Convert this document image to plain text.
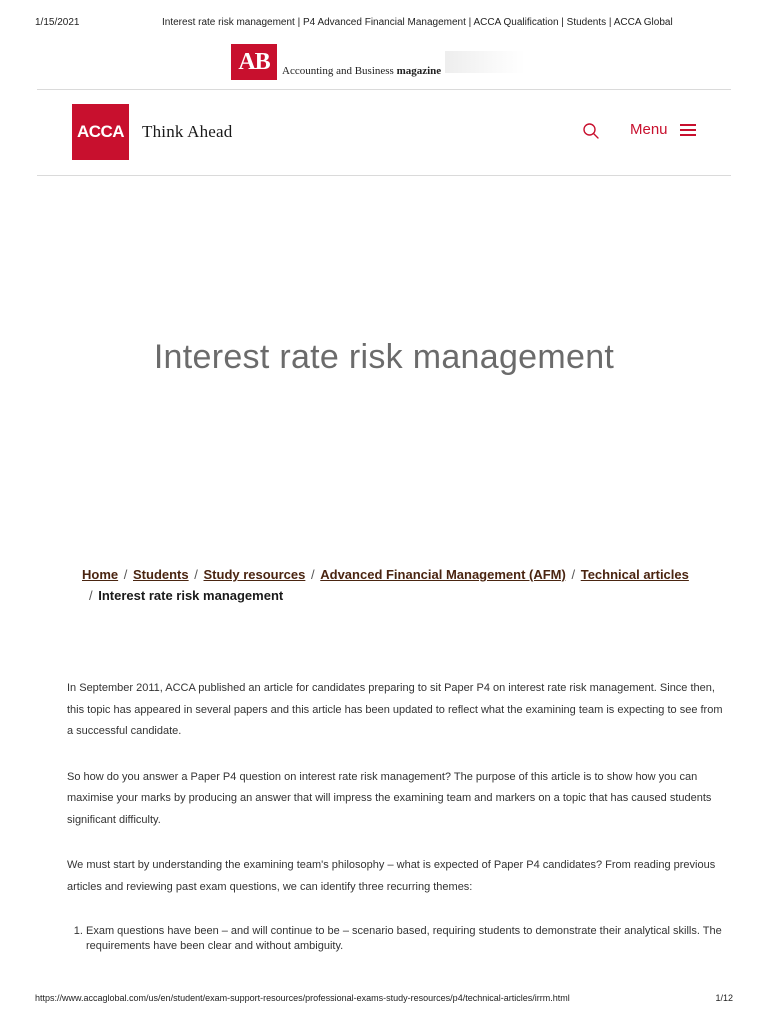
1/15/2021	Interest rate risk management | P4 Advanced Financial Management | ACCA Qualification | Students | ACCA Global
AB	Accounting and Business magazine
ACCA Think Ahead	Menu
Interest rate risk management
Home / Students / Study resources / Advanced Financial Management (AFM) / Technical articles
/ Interest rate risk management

In September 2011, ACCA published an article for candidates preparing to sit Paper P4 on interest rate risk management. Since then, this topic has appeared in several papers and this article has been updated to reflect what the examining team is expecting to see from a successful candidate.

So how do you answer a Paper P4 question on interest rate risk management? The purpose of this article is to show how you can maximise your marks by producing an answer that will impress the examining team and markers on a topic that has caused students significant difficulty.

We must start by understanding the examining team's philosophy – what is expected of Paper P4 candidates? From reading previous articles and reviewing past exam questions, we can identify three recurring themes:

1. Exam questions have been – and will continue to be – scenario based, requiring students to demonstrate their analytical skills. The requirements have been clear and without ambiguity.
https://www.accaglobal.com/us/en/student/exam-support-resources/professional-exams-study-resources/p4/technical-articles/irrm.html	1/12
